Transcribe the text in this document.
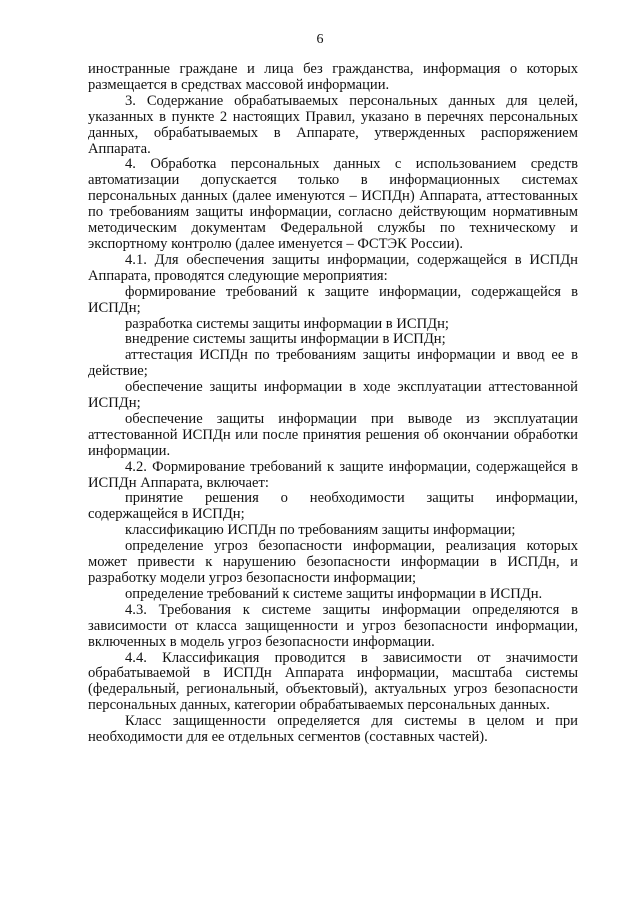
6

иностранные граждане и лица без гражданства, информация о которых размещается в средствах массовой информации.

3. Содержание обрабатываемых персональных данных для целей, указанных в пункте 2 настоящих Правил, указано в перечнях персональных данных, обрабатываемых в Аппарате, утвержденных распоряжением Аппарата.

4. Обработка персональных данных с использованием средств автоматизации допускается только в информационных системах персональных данных (далее именуются – ИСПДн) Аппарата, аттестованных по требованиям защиты информации, согласно действующим нормативным методическим документам Федеральной службы по техническому и экспортному контролю (далее именуется – ФСТЭК России).

4.1. Для обеспечения защиты информации, содержащейся в ИСПДн Аппарата, проводятся следующие мероприятия:

формирование требований к защите информации, содержащейся в ИСПДн;

разработка системы защиты информации в ИСПДн;

внедрение системы защиты информации в ИСПДн;

аттестация ИСПДн по требованиям защиты информации и ввод ее в действие;

обеспечение защиты информации в ходе эксплуатации аттестованной ИСПДн;

обеспечение защиты информации при выводе из эксплуатации аттестованной ИСПДн или после принятия решения об окончании обработки информации.

4.2. Формирование требований к защите информации, содержащейся в ИСПДн Аппарата, включает:

принятие решения о необходимости защиты информации, содержащейся в ИСПДн;

классификацию ИСПДн по требованиям защиты информации;

определение угроз безопасности информации, реализация которых может привести к нарушению безопасности информации в ИСПДн, и разработку модели угроз безопасности информации;

определение требований к системе защиты информации в ИСПДн.

4.3. Требования к системе защиты информации определяются в зависимости от класса защищенности и угроз безопасности информации, включенных в модель угроз безопасности информации.

4.4. Классификация проводится в зависимости от значимости обрабатываемой в ИСПДн Аппарата информации, масштаба системы (федеральный, региональный, объектовый), актуальных угроз безопасности персональных данных, категории обрабатываемых персональных данных.

Класс защищенности определяется для системы в целом и при необходимости для ее отдельных сегментов (составных частей).
